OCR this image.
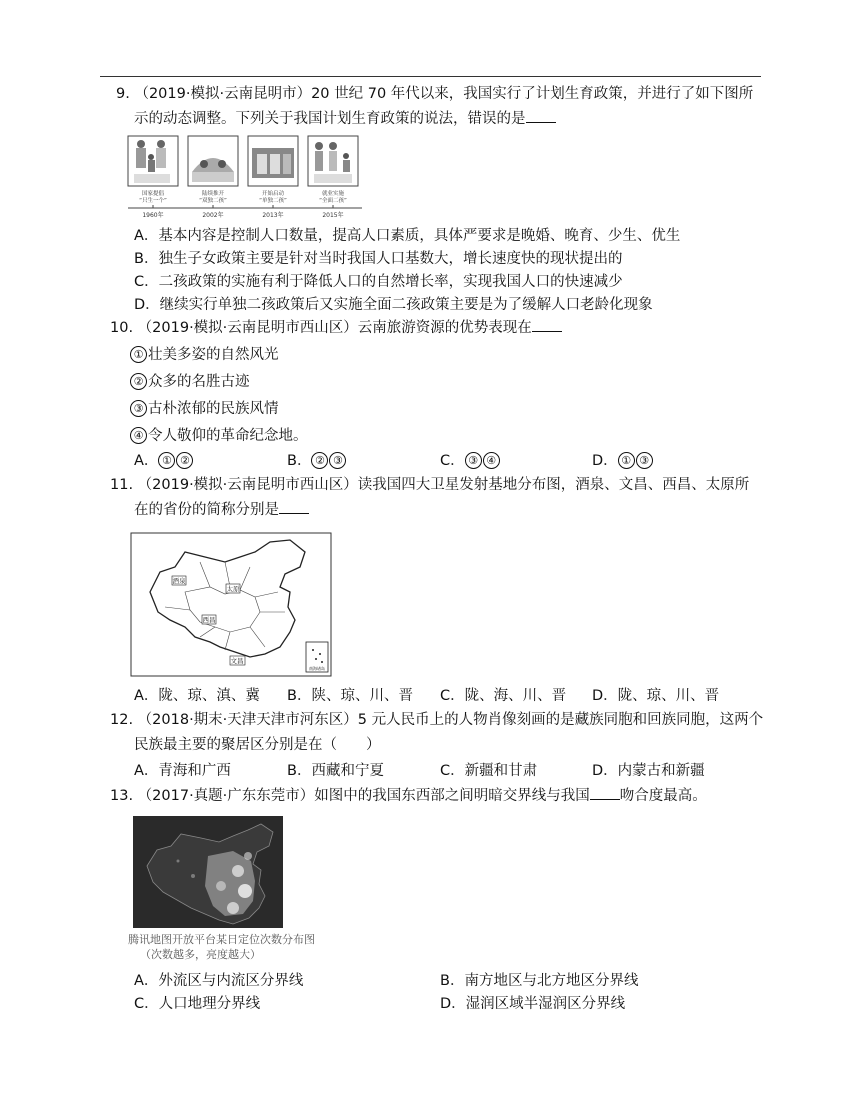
9. （2019·模拟·云南昆明市）20 世纪 70 年代以来，我国实行了计划生育政策，并进行了如下图所
示的动态调整。下列关于我国计划生育政策的说法，错误的是
国家提倡
“只生一个”
陆续推开
“双独二孩”
开始启动
“单独二孩”
就业实施
“全面二孩”
1960年	2002年	2013年	2015年
A．基本内容是控制人口数量，提高人口素质，具体严要求是晚婚、晚育、少生、优生
B．独生子女政策主要是针对当时我国人口基数大，增长速度快的现状提出的
C．二孩政策的实施有利于降低人口的自然增长率，实现我国人口的快速减少
D．继续实行单独二孩政策后又实施全面二孩政策主要是为了缓解人口老龄化现象
10. （2019·模拟·云南昆明市西山区）云南旅游资源的优势表现在
① 壮美多姿的自然风光
② 众多的名胜古迹
③ 古朴浓郁的民族风情
④ 令人敬仰的革命纪念地。
A． ① ②	B． ② ③	C． ③ ④	D． ① ③
11. （2019·模拟·云南昆明市西山区）读我国四大卫星发射基地分布图，酒泉、文昌、西昌、太原所
在的省份的简称分别是
酒泉
太原
西昌
文昌
南海诸岛
A．陇、琼、滇、冀 B．陕、琼、川、晋 C．陇、海、川、晋 D．陇、琼、川、晋
12. （2018·期末·天津天津市河东区）5 元人民币上的人物肖像刻画的是藏族同胞和回族同胞，这两个
民族最主要的聚居区分别是在（　　）
A．青海和广西	B．西藏和宁夏	C．新疆和甘肃	D．内蒙古和新疆
13. （2017·真题·广东东莞市）如图中的我国东西部之间明暗交界线与我国 吻合度最高。
腾讯地图开放平台某日定位次数分布图
（次数越多，亮度越大）
A．外流区与内流区分界线	B．南方地区与北方地区分界线
C．人口地理分界线	D．湿润区域半湿润区分界线
